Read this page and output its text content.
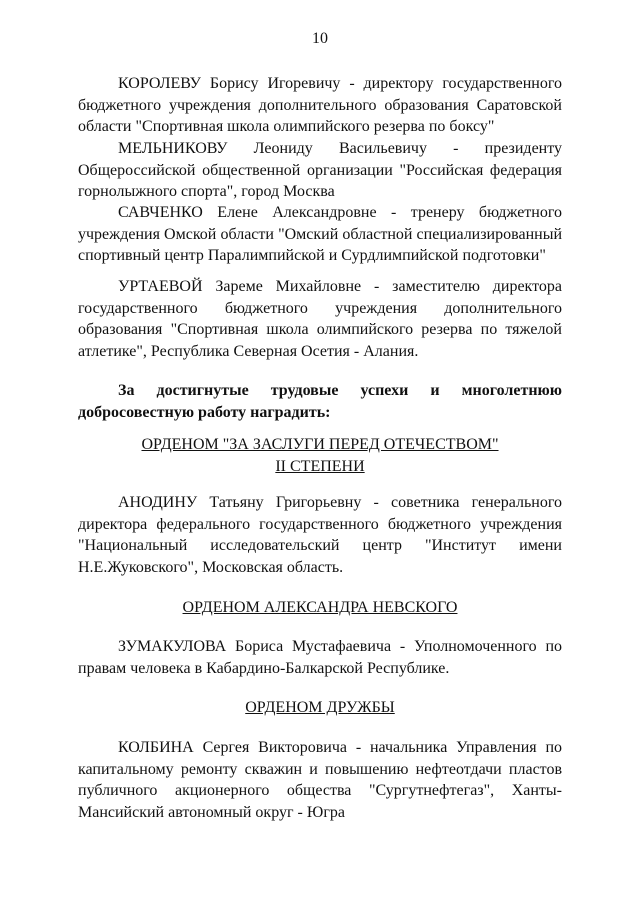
10

КОРОЛЕВУ Борису Игоревичу - директору государственного бюджетного учреждения дополнительного образования Саратовской области "Спортивная школа олимпийского резерва по боксу"

МЕЛЬНИКОВУ Леониду Васильевичу - президенту Общероссийской общественной организации "Российская федерация горнолыжного спорта", город Москва

САВЧЕНКО Елене Александровне - тренеру бюджетного учреждения Омской области "Омский областной специализированный спортивный центр Паралимпийской и Сурдлимпийской подготовки"

УРТАЕВОЙ Зареме Михайловне - заместителю директора государственного бюджетного учреждения дополнительного образования "Спортивная школа олимпийского резерва по тяжелой атлетике", Республика Северная Осетия - Алания.

За достигнутые трудовые успехи и многолетнюю добросовестную работу наградить:

ОРДЕНОМ "ЗА ЗАСЛУГИ ПЕРЕД ОТЕЧЕСТВОМ"

II СТЕПЕНИ

АНОДИНУ Татьяну Григорьевну - советника генерального директора федерального государственного бюджетного учреждения "Национальный исследовательский центр "Институт имени Н.Е.Жуковского", Московская область.

ОРДЕНОМ АЛЕКСАНДРА НЕВСКОГО

ЗУМАКУЛОВА Бориса Мустафаевича - Уполномоченного по правам человека в Кабардино-Балкарской Республике.

ОРДЕНОМ ДРУЖБЫ

КОЛБИНА Сергея Викторовича - начальника Управления по капитальному ремонту скважин и повышению нефтеотдачи пластов публичного акционерного общества "Сургутнефтегаз", Ханты-Мансийский автономный округ - Югра
